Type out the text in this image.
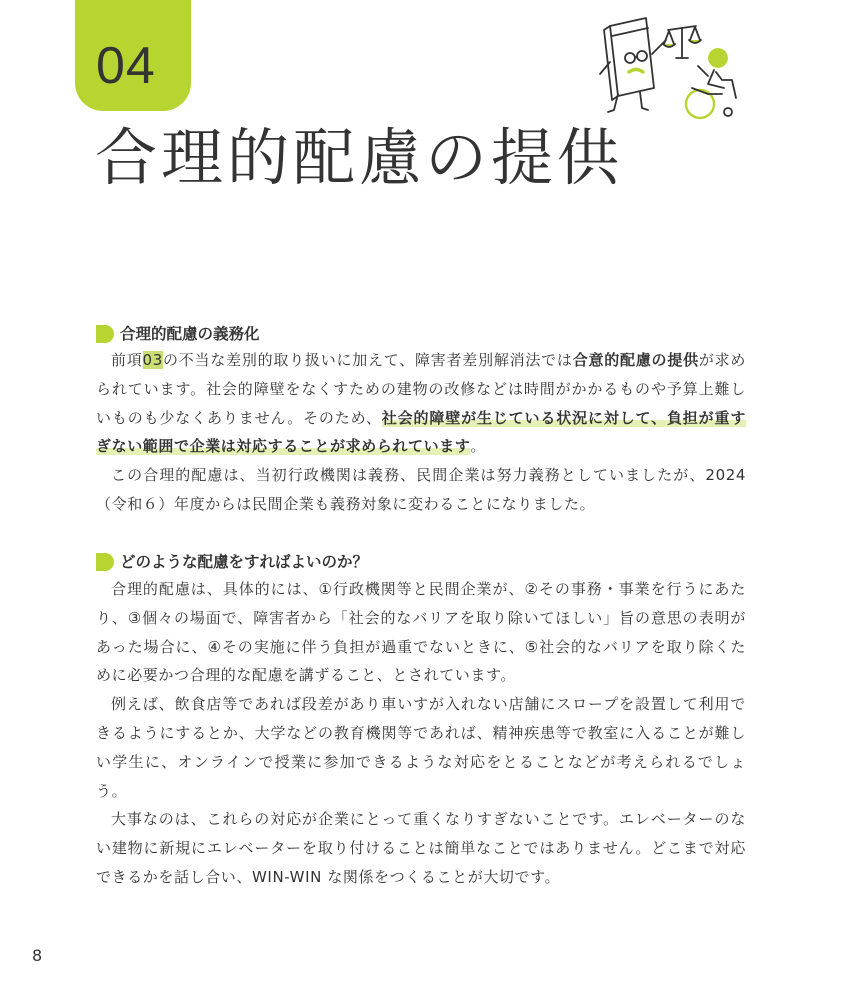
04
合理的配慮の提供
合理的配慮の義務化

前項03の不当な差別的取り扱いに加えて、障害者差別解消法では合意的配慮の提供が求められています。社会的障壁をなくすための建物の改修などは時間がかかるものや予算上難しいものも少なくありません。そのため、社会的障壁が生じている状況に対して、負担が重すぎない範囲で企業は対応することが求められています。

この合理的配慮は、当初行政機関は義務、民間企業は努力義務としていましたが、2024（令和６）年度からは民間企業も義務対象に変わることになりました。

どのような配慮をすればよいのか？

合理的配慮は、具体的には、①行政機関等と民間企業が、②その事務・事業を行うにあたり、③個々の場面で、障害者から「社会的なバリアを取り除いてほしい」旨の意思の表明があった場合に、④その実施に伴う負担が過重でないときに、⑤社会的なバリアを取り除くために必要かつ合理的な配慮を講ずること、とされています。

例えば、飲食店等であれば段差があり車いすが入れない店舗にスロープを設置して利用できるようにするとか、大学などの教育機関等であれば、精神疾患等で教室に入ることが難しい学生に、オンラインで授業に参加できるような対応をとることなどが考えられるでしょう。

大事なのは、これらの対応が企業にとって重くなりすぎないことです。エレベーターのない建物に新規にエレベーターを取り付けることは簡単なことではありません。どこまで対応できるかを話し合い、WIN-WIN な関係をつくることが大切です。

8
